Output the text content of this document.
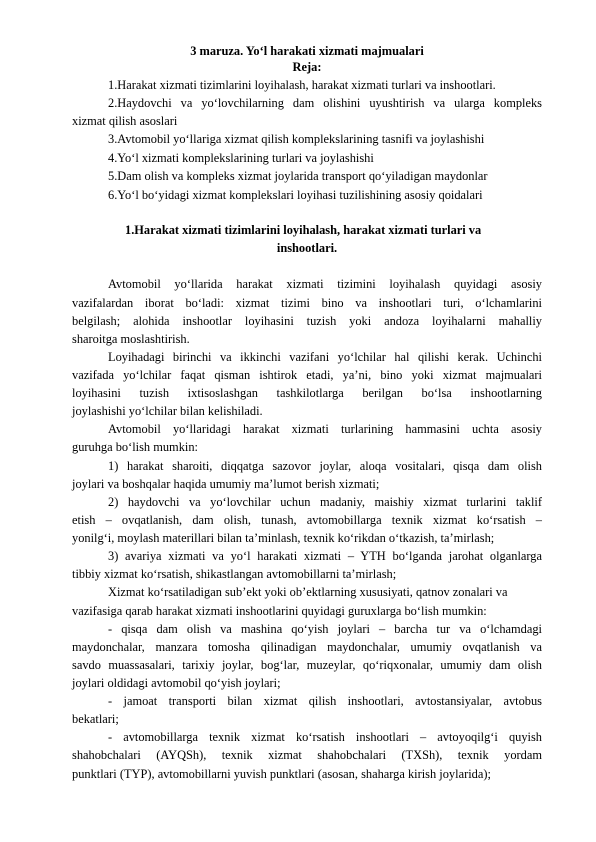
3 maruza. Yo‘l harakati xizmati majmualari
Reja:
1.Harakat xizmati tizimlarini loyihalash, harakat xizmati turlari va inshootlari.
2.Haydovchi va yo‘lovchilarning dam olishini uyushtirish va ularga kompleks
xizmat qilish asoslari
3.Avtomobil yo‘llariga xizmat qilish komplekslarining tasnifi va joylashishi
4.Yo‘l xizmati komplekslarining turlari va joylashishi
5.Dam olish va kompleks xizmat joylarida transport qo‘yiladigan maydonlar
6.Yo‘l bo‘yidagi xizmat komplekslari loyihasi tuzilishining asosiy qoidalari
1.Harakat xizmati tizimlarini loyihalash, harakat xizmati turlari va
inshootlari.
Avtomobil yo‘llarida harakat xizmati tizimini loyihalash quyidagi asosiy
vazifalardan iborat bo‘ladi: xizmat tizimi bino va inshootlari turi, o‘lchamlarini
belgilash; alohida inshootlar loyihasini tuzish yoki andoza loyihalarni mahalliy
sharoitga moslashtirish.
Loyihadagi birinchi va ikkinchi vazifani yo‘lchilar hal qilishi kerak. Uchinchi
vazifada yo‘lchilar faqat qisman ishtirok etadi, ya’ni, bino yoki xizmat majmualari
loyihasini tuzish ixtisoslashgan tashkilotlarga berilgan bo‘lsa inshootlarning
joylashishi yo‘lchilar bilan kelishiladi.
Avtomobil yo‘llaridagi harakat xizmati turlarining hammasini uchta asosiy
guruhga bo‘lish mumkin:
1) harakat sharoiti, diqqatga sazovor joylar, aloqa vositalari, qisqa dam olish
joylari va boshqalar haqida umumiy ma’lumot berish xizmati;
2) haydovchi va yo‘lovchilar uchun madaniy, maishiy xizmat turlarini taklif
etish – ovqatlanish, dam olish, tunash, avtomobillarga texnik xizmat ko‘rsatish –
yonilg‘i, moylash materillari bilan ta’minlash, texnik ko‘rikdan o‘tkazish, ta’mirlash;
3) avariya xizmati va yo‘l harakati xizmati – YTH bo‘lganda jarohat olganlarga
tibbiy xizmat ko‘rsatish, shikastlangan avtomobillarni ta’mirlash;
Xizmat ko‘rsatiladigan sub’ekt yoki ob’ektlarning xususiyati, qatnov zonalari va
vazifasiga qarab harakat xizmati inshootlarini quyidagi guruxlarga bo‘lish mumkin:
- qisqa dam olish va mashina qo‘yish joylari – barcha tur va o‘lchamdagi
maydonchalar, manzara tomosha qilinadigan maydonchalar, umumiy ovqatlanish va
savdo muassasalari, tarixiy joylar, bog‘lar, muzeylar, qo‘riqxonalar, umumiy dam olish
joylari oldidagi avtomobil qo‘yish joylari;
- jamoat transporti bilan xizmat qilish inshootlari, avtostansiyalar, avtobus
bekatlari;
- avtomobillarga texnik xizmat ko‘rsatish inshootlari – avtoyoqilg‘i quyish
shahobchalari (AYQSh), texnik xizmat shahobchalari (TXSh), texnik yordam
punktlari (TYP), avtomobillarni yuvish punktlari (asosan, shaharga kirish joylarida);
